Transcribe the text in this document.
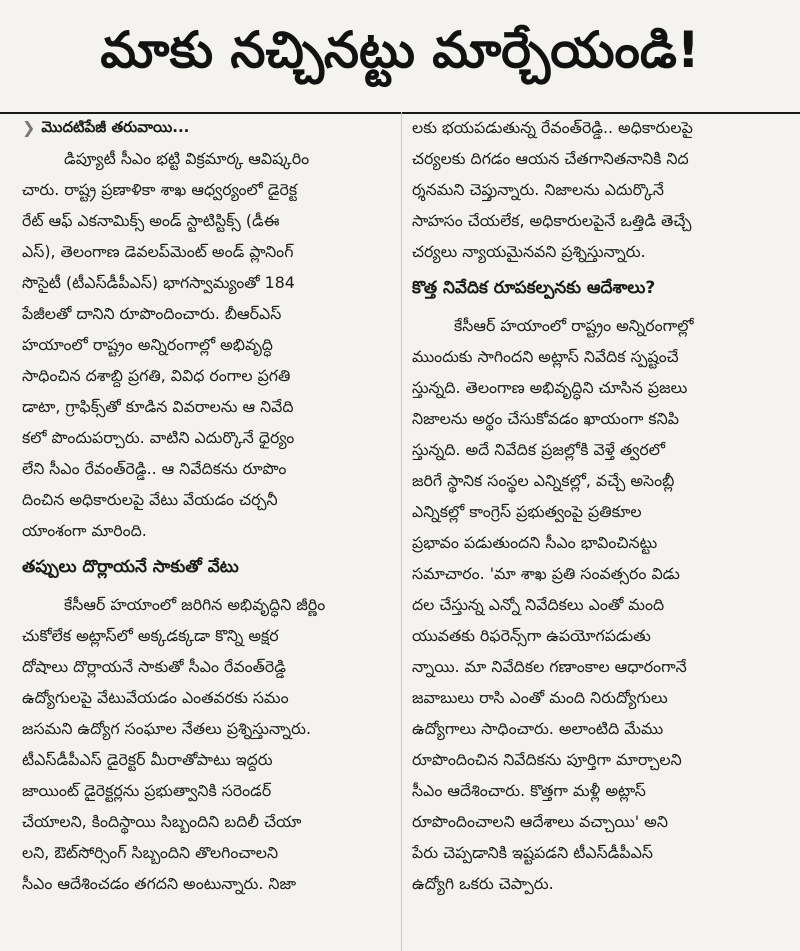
మాకు నచ్చినట్టు మార్చేయండి!
❯ మొదటిపేజీ తరువాయి...
డిప్యూటీ సీఎం భట్టి విక్రమార్క ఆవిష్కరిం
చారు. రాష్ట్ర ప్రణాళికా శాఖ ఆధ్వర్యంలో డైరెక్ట
రేట్ ఆఫ్ ఎకనామిక్స్ అండ్ స్టాటిస్టిక్స్ (డీఈ
ఎస్), తెలంగాణ డెవలప్‌మెంట్ అండ్ ప్లానింగ్
సొసైటీ (టీఎస్‌డీపీఎస్) భాగస్వామ్యంతో 184
పేజీలతో దానిని రూపొందించారు. బీఆర్‌ఎస్
హయాంలో రాష్ట్రం అన్నిరంగాల్లో అభివృద్ధి
సాధించిన దశాబ్ది ప్రగతి, వివిధ రంగాల ప్రగతి
డాటా, గ్రాఫిక్స్‌తో కూడిన వివరాలను ఆ నివేది
కలో పొందుపర్చారు. వాటిని ఎదుర్కొనే ధైర్యం
లేని సీఎం రేవంత్‌రెడ్డి.. ఆ నివేదికను రూపొం
దించిన అధికారులపై వేటు వేయడం చర్చనీ
యాంశంగా మారింది.
తప్పులు దొర్లాయనే సాకుతో వేటు
కేసీఆర్ హయాంలో జరిగిన అభివృద్ధిని జీర్ణిం
చుకోలేక అట్లాస్‌లో అక్కడక్కడా కొన్ని అక్షర
దోషాలు దొర్లాయనే సాకుతో సీఎం రేవంత్‌రెడ్డి
ఉద్యోగులపై వేటువేయడం ఎంతవరకు సమం
జసమని ఉద్యోగ సంఘాల నేతలు ప్రశ్నిస్తున్నారు.
టీఎస్‌డీపీఎస్ డైరెక్టర్ మీరాతోపాటు ఇద్దరు
జాయింట్ డైరెక్టర్లను ప్రభుత్వానికి సరెండర్
చేయాలని, కిందిస్థాయి సిబ్బందిని బదిలీ చేయా
లని, ఔట్‌సోర్సింగ్ సిబ్బందిని తొలగించాలని
సీఎం ఆదేశించడం తగదని అంటున్నారు. నిజా
లకు భయపడుతున్న రేవంత్‌రెడ్డి.. అధికారులపై
చర్యలకు దిగడం ఆయన చేతగానితనానికి నిద
ర్శనమని చెప్తున్నారు. నిజాలను ఎదుర్కొనే
సాహసం చేయలేక, అధికారులపైనే ఒత్తిడి తెచ్చే
చర్యలు న్యాయమైనవని ప్రశ్నిస్తున్నారు.
కొత్త నివేదిక రూపకల్పనకు ఆదేశాలు?
కేసీఆర్ హయాంలో రాష్ట్రం అన్నిరంగాల్లో
ముందుకు సాగిందని అట్లాస్ నివేదిక స్పష్టంచే
స్తున్నది. తెలంగాణ అభివృద్ధిని చూసిన ప్రజలు
నిజాలను అర్థం చేసుకోవడం ఖాయంగా కనిపి
స్తున్నది. అదే నివేదిక ప్రజల్లోకి వెళ్తే త్వరలో
జరిగే స్థానిక సంస్థల ఎన్నికల్లో, వచ్చే అసెంబ్లీ
ఎన్నికల్లో కాంగ్రెస్ ప్రభుత్వంపై ప్రతికూల
ప్రభావం పడుతుందని సీఎం భావించినట్టు
సమాచారం. 'మా శాఖ ప్రతి సంవత్సరం విడు
దల చేస్తున్న ఎన్నో నివేదికలు ఎంతో మంది
యువతకు రిఫరెన్స్‌గా ఉపయోగపడుతు
న్నాయి. మా నివేదికల గణాంకాల ఆధారంగానే
జవాబులు రాసి ఎంతో మంది నిరుద్యోగులు
ఉద్యోగాలు సాధించారు. అలాంటిది మేము
రూపొందించిన నివేదికను పూర్తిగా మార్చాలని
సీఎం ఆదేశించారు. కొత్తగా మళ్లీ అట్లాస్
రూపొందించాలని ఆదేశాలు వచ్చాయి' అని
పేరు చెప్పడానికి ఇష్టపడని టీఎస్‌డీపీఎస్
ఉద్యోగి ఒకరు చెప్పారు.
